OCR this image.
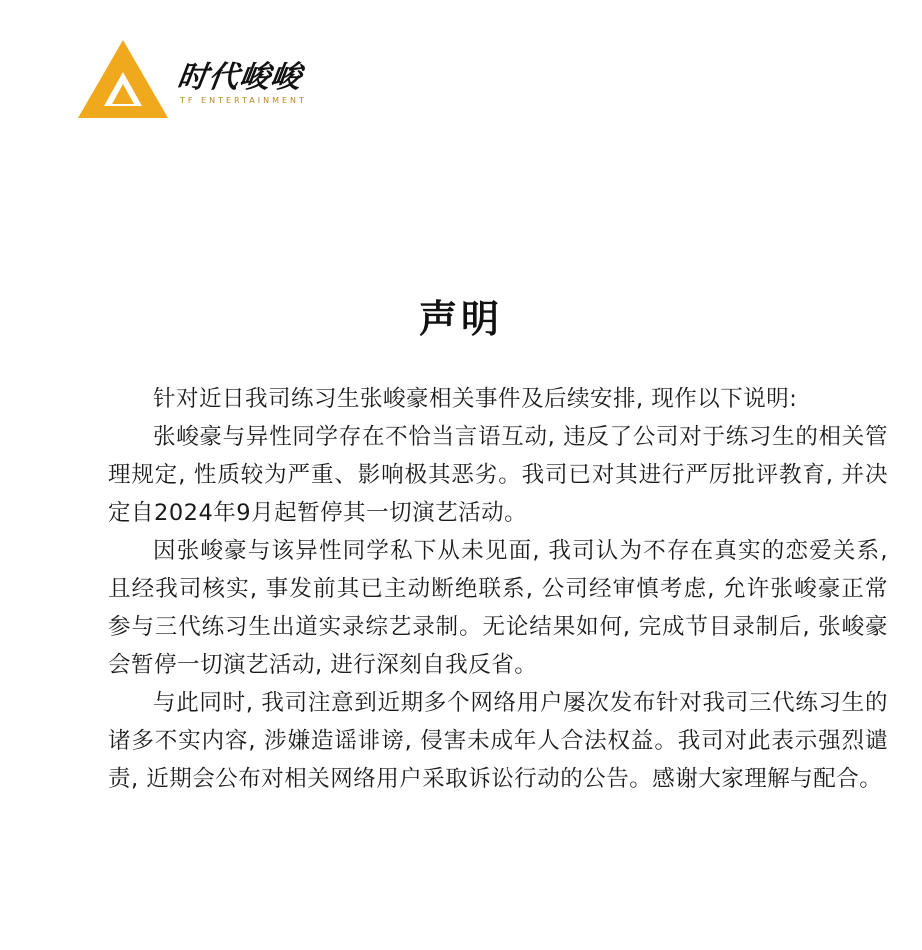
时代峻峻
TF ENTERTAINMENT
声明

针对近日我司练习生张峻豪相关事件及后续安排, 现作以下说明:

张峻豪与异性同学存在不恰当言语互动, 违反了公司对于练习生的相关管理规定, 性质较为严重、影响极其恶劣。我司已对其进行严厉批评教育, 并决定自2024年9月起暂停其一切演艺活动。

因张峻豪与该异性同学私下从未见面, 我司认为不存在真实的恋爱关系, 且经我司核实, 事发前其已主动断绝联系, 公司经审慎考虑, 允许张峻豪正常参与三代练习生出道实录综艺录制。无论结果如何, 完成节目录制后, 张峻豪会暂停一切演艺活动, 进行深刻自我反省。

与此同时, 我司注意到近期多个网络用户屡次发布针对我司三代练习生的诸多不实内容, 涉嫌造谣诽谤, 侵害未成年人合法权益。我司对此表示强烈谴责, 近期会公布对相关网络用户采取诉讼行动的公告。感谢大家理解与配合。
